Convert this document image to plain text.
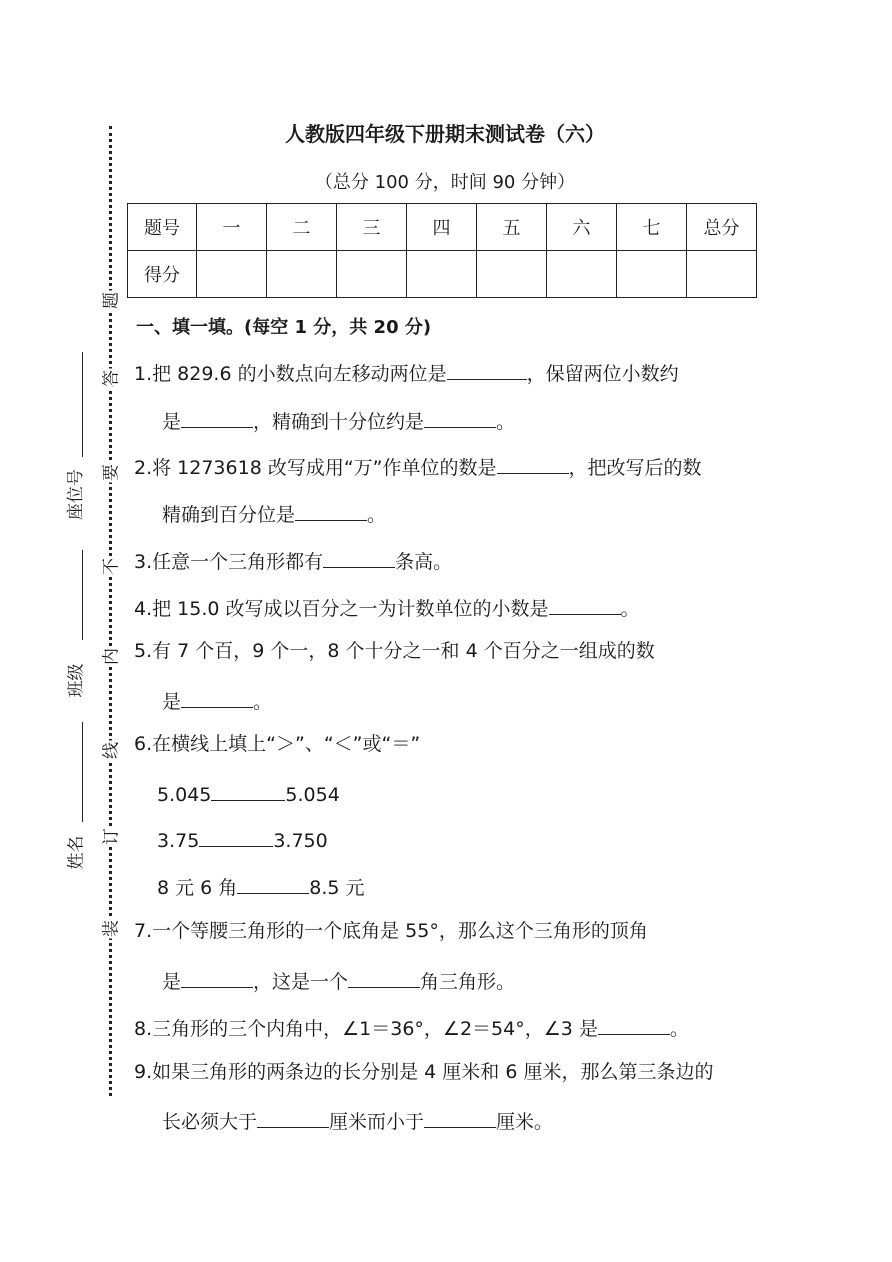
题
答
要
不
内
线
订
装
座位号
班级
姓名
人教版四年级下册期末测试卷（六）
（总分 100 分，时间 90 分钟）
题号	一	二	三	四	五	六	七	总分
得分								
一、填一填。(每空 1 分，共 20 分)
1.把 829.6 的小数点向左移动两位是	，保留两位小数约
是	，精确到十分位约是	。
2.将 1273618 改写成用“万”作单位的数是	，把改写后的数
精确到百分位是	。
3.任意一个三角形都有	条高。
4.把 15.0 改写成以百分之一为计数单位的小数是	。
5.有 7 个百，9 个一，8 个十分之一和 4 个百分之一组成的数
是	。
6.在横线上填上“＞”、“＜”或“＝”
5.045	5.054
3.75	3.750
8 元 6 角	8.5 元
7.一个等腰三角形的一个底角是 55°，那么这个三角形的顶角
是	，这是一个	角三角形。
8.三角形的三个内角中，∠1＝36°，∠2＝54°，∠3 是	。
9.如果三角形的两条边的长分别是 4 厘米和 6 厘米，那么第三条边的
长必须大于	厘米而小于	厘米。
